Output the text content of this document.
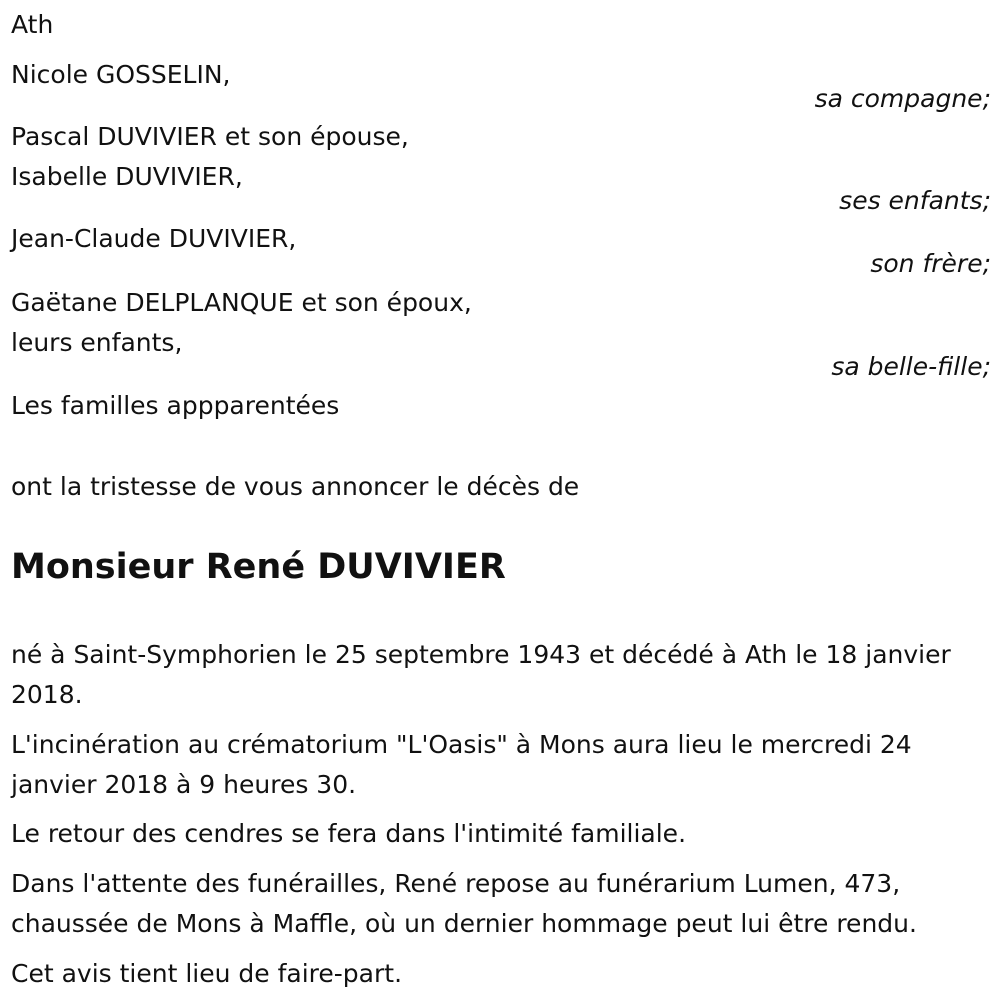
Ath
Nicole GOSSELIN,
sa compagne;
Pascal DUVIVIER et son épouse,
Isabelle DUVIVIER,
ses enfants;
Jean-Claude DUVIVIER,
son frère;
Gaëtane DELPLANQUE et son époux,
leurs enfants,
sa belle-fille;
Les familles appparentées
ont la tristesse de vous annoncer le décès de
Monsieur René DUVIVIER
né à Saint-Symphorien le 25 septembre 1943 et décédé à Ath le 18 janvier 2018.
L'incinération au crématorium "L'Oasis" à Mons aura lieu le mercredi 24 janvier 2018 à 9 heures 30.
Le retour des cendres se fera dans l'intimité familiale.
Dans l'attente des funérailles, René repose au funérarium Lumen, 473, chaussée de Mons à Maffle, où un dernier hommage peut lui être rendu.
Cet avis tient lieu de faire-part.
